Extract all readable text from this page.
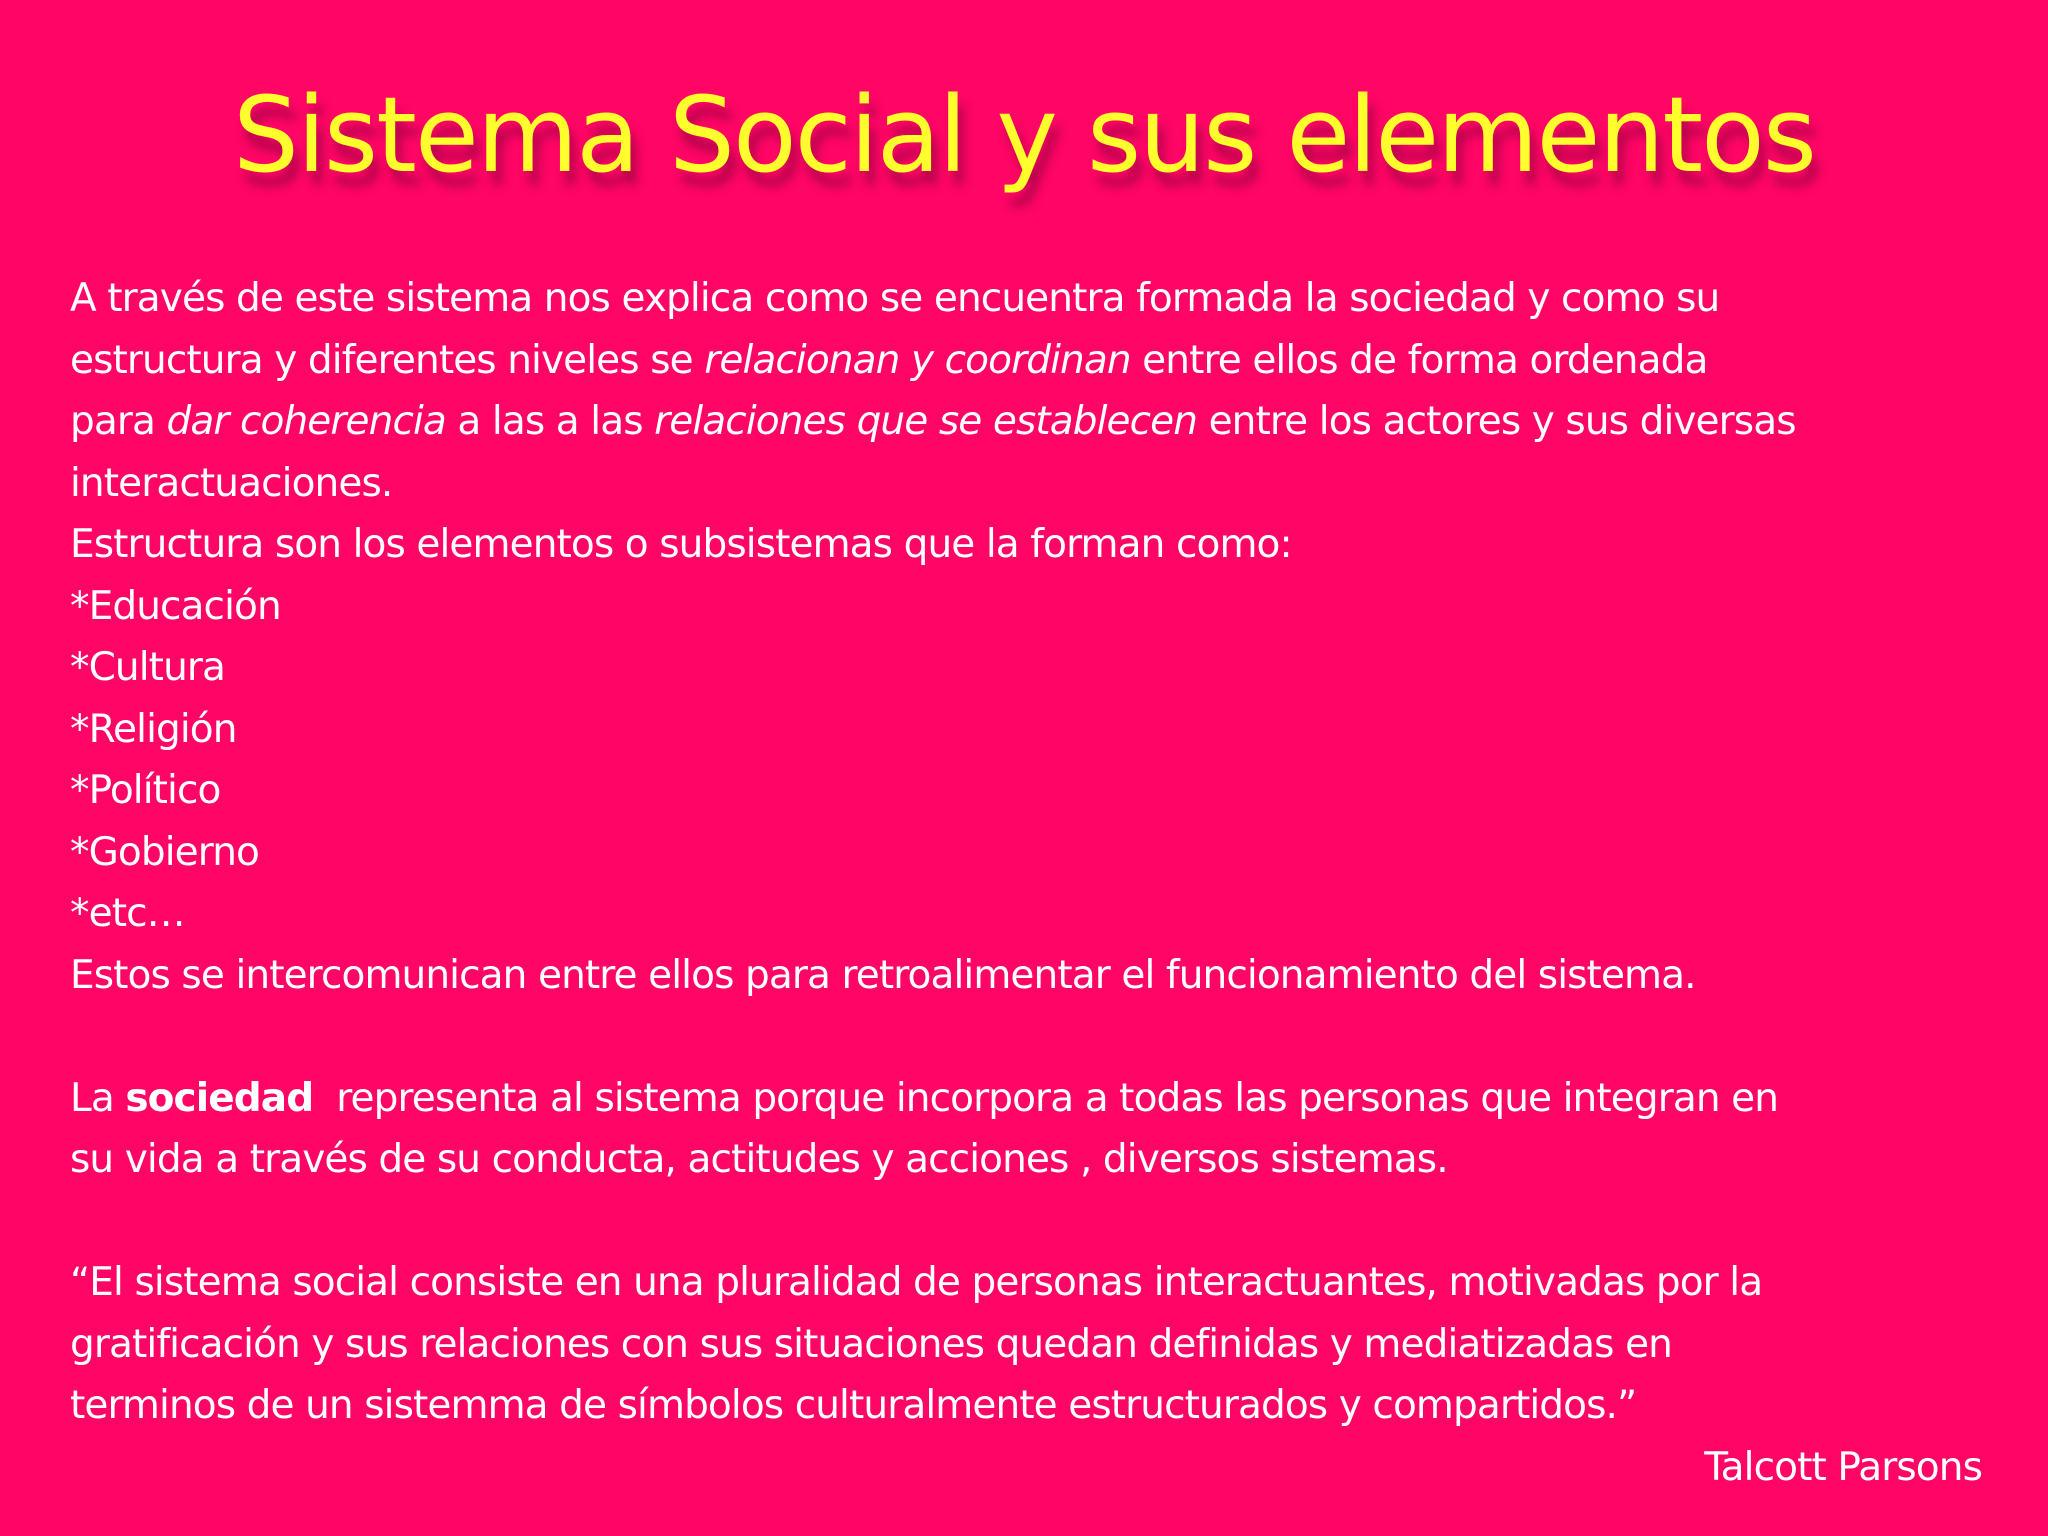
Sistema Social y sus elementos
A través de este sistema nos explica como se encuentra formada la sociedad y como su
estructura y diferentes niveles se relacionan y coordinan entre ellos de forma ordenada
para dar coherencia a las a las relaciones que se establecen entre los actores y sus diversas
interactuaciones.
Estructura son los elementos o subsistemas que la forman como:
*Educación
*Cultura
*Religión
*Político
*Gobierno
*etc…
Estos se intercomunican entre ellos para retroalimentar el funcionamiento del sistema.
La sociedad  representa al sistema porque incorpora a todas las personas que integran en
su vida a través de su conducta, actitudes y acciones , diversos sistemas.
“El sistema social consiste en una pluralidad de personas interactuantes, motivadas por la
gratificación y sus relaciones con sus situaciones quedan definidas y mediatizadas en
terminos de un sistemma de símbolos culturalmente estructurados y compartidos.”
Talcott Parsons
